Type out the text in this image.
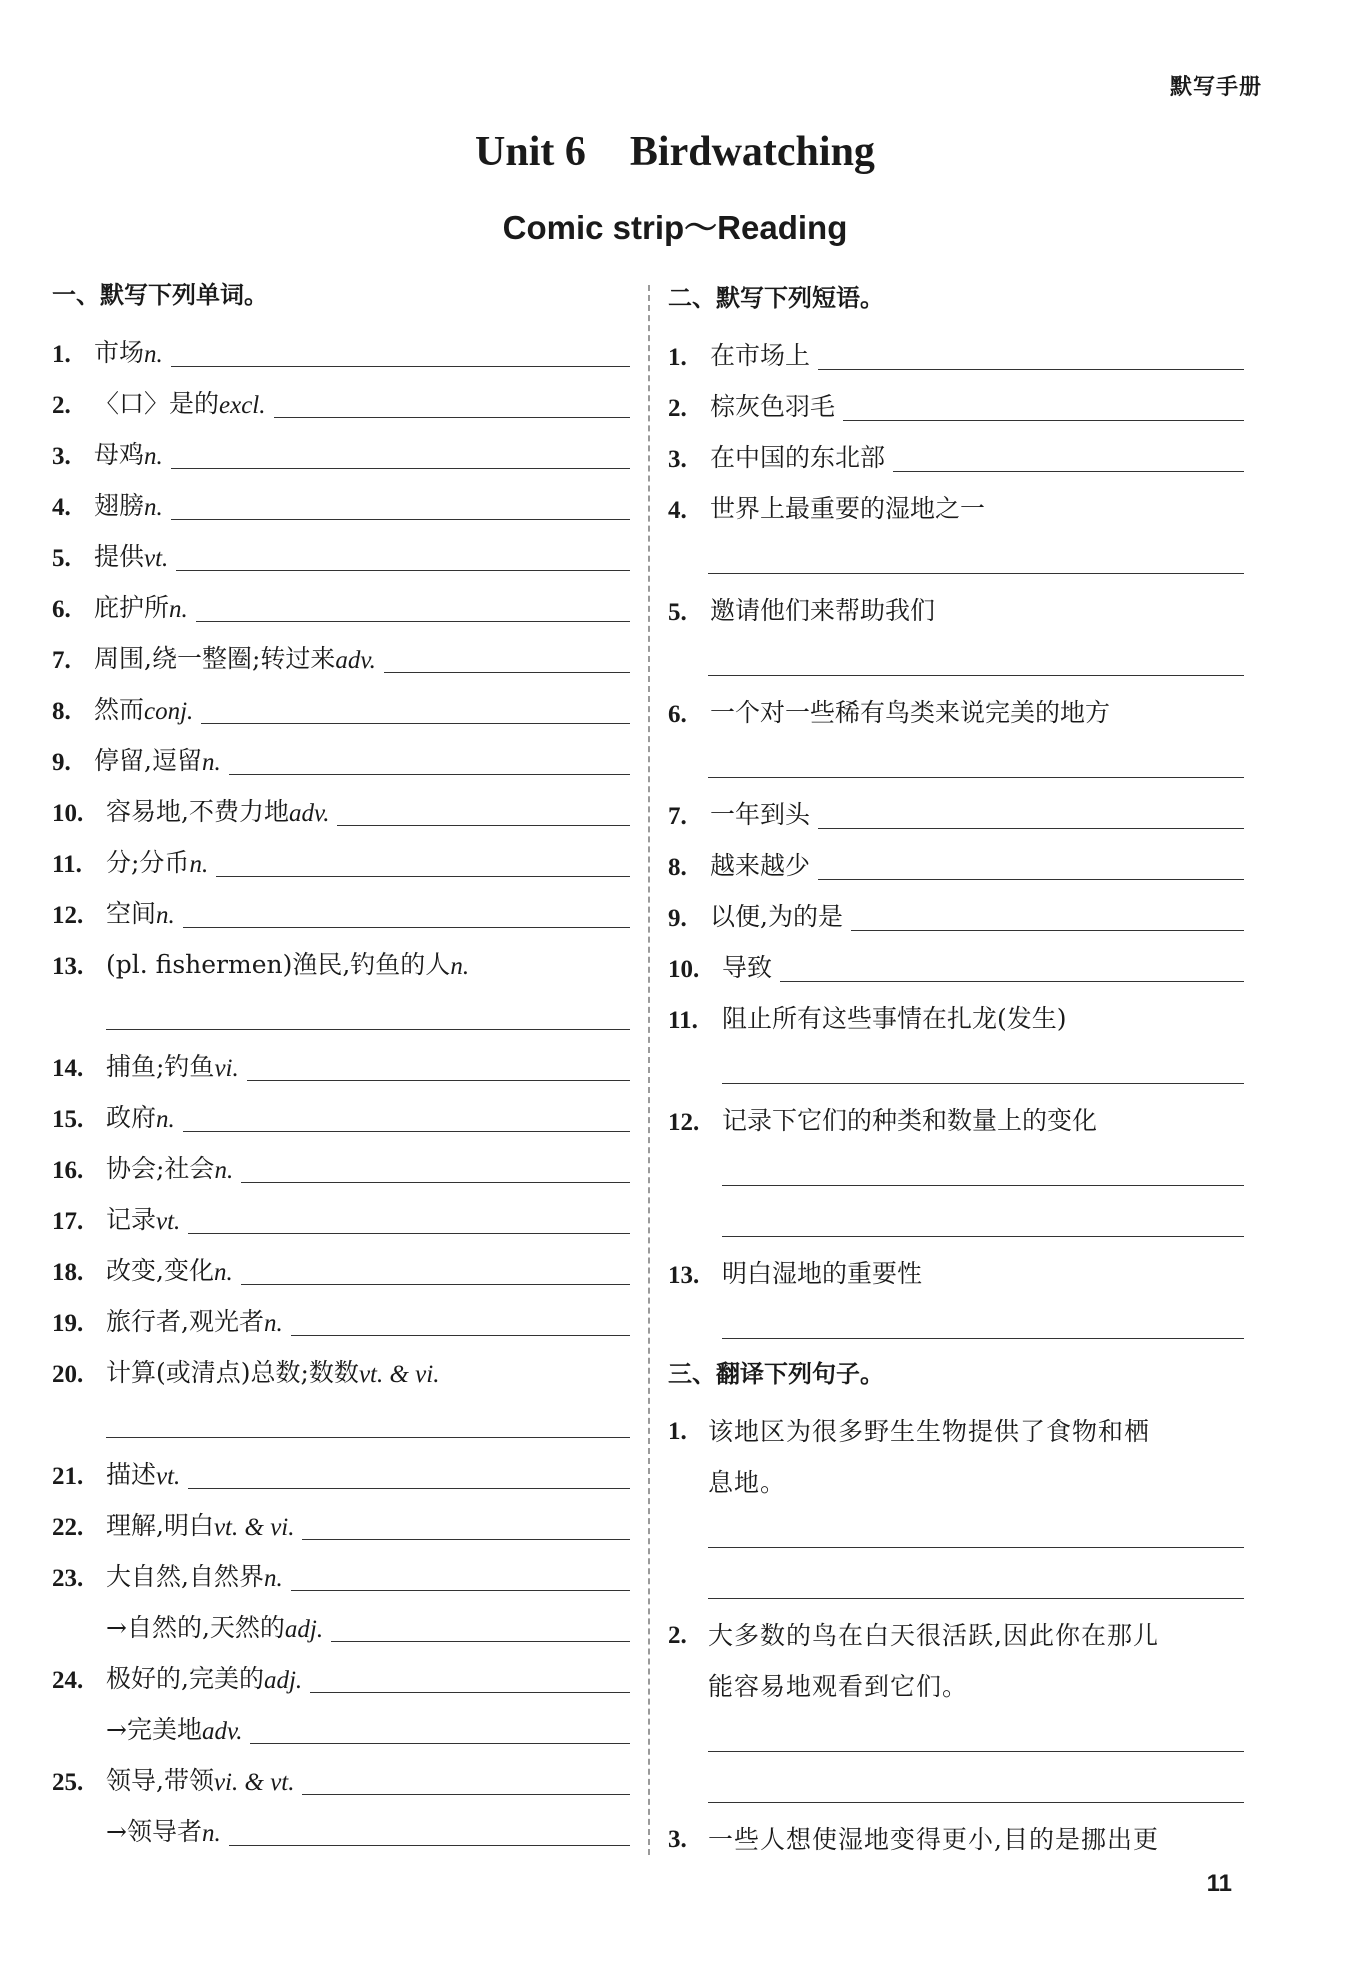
默写手册
Unit 6 Birdwatching
Comic strip～Reading
一、默写下列单词。
1. 市场 n.
2. 〈口〉是的 excl.
3. 母鸡 n.
4. 翅膀 n.
5. 提供 vt.
6. 庇护所 n.
7. 周围,绕一整圈;转过来 adv.
8. 然而 conj.
9. 停留,逗留 n.
10. 容易地,不费力地 adv.
11. 分;分币 n.
12. 空间 n.
13. (pl. fishermen)渔民,钓鱼的人 n.
14. 捕鱼;钓鱼 vi.
15. 政府 n.
16. 协会;社会 n.
17. 记录 vt.
18. 改变,变化 n.
19. 旅行者,观光者 n.
20. 计算(或清点)总数;数数 vt. & vi.
21. 描述 vt.
22. 理解,明白 vt. & vi.
23. 大自然,自然界 n.
→自然的,天然的 adj.
24. 极好的,完美的 adj.
→完美地 adv.
25. 领导,带领 vi. & vt.
→领导者 n.
二、默写下列短语。
1. 在市场上
2. 棕灰色羽毛
3. 在中国的东北部
4. 世界上最重要的湿地之一
5. 邀请他们来帮助我们
6. 一个对一些稀有鸟类来说完美的地方
7. 一年到头
8. 越来越少
9. 以便,为的是
10. 导致
11. 阻止所有这些事情在扎龙(发生)
12. 记录下它们的种类和数量上的变化
13. 明白湿地的重要性
三、翻译下列句子。
1. 该地区为很多野生生物提供了食物和栖
息地。
2. 大多数的鸟在白天很活跃,因此你在那儿
能容易地观看到它们。
3. 一些人想使湿地变得更小,目的是挪出更
11
